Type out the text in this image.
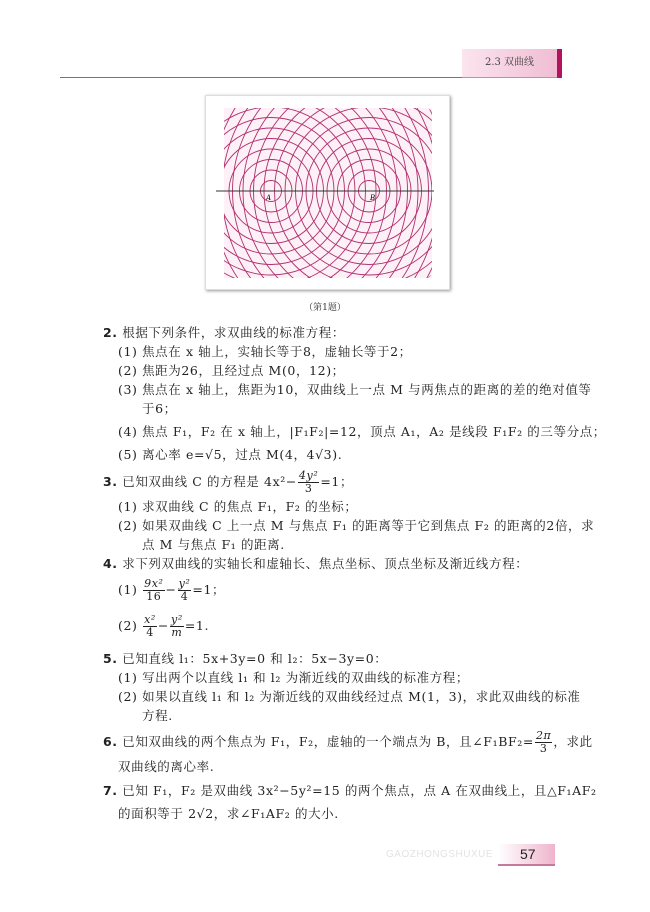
2.3 双曲线
A	B
（第1题）
2. 根据下列条件，求双曲线的标准方程：
(1) 焦点在 x 轴上，实轴长等于8，虚轴长等于2；
(2) 焦距为26，且经过点 M(0，12)；
(3) 焦点在 x 轴上，焦距为10，双曲线上一点 M 与两焦点的距离的差的绝对值等
于6；
(4) 焦点 F₁，F₂ 在 x 轴上，|F₁F₂|=12，顶点 A₁，A₂ 是线段 F₁F₂ 的三等分点；
(5) 离心率 e=√5，过点 M(4，4√3).
3. 已知双曲线 C 的方程是 $4x^2- \frac{\text{4y²}}{3} =1$；
(1) 求双曲线 C 的焦点 F₁，F₂ 的坐标；
(2) 如果双曲线 C 上一点 M 与焦点 F₁ 的距离等于它到焦点 F₂ 的距离的2倍，求
点 M 与焦点 F₁ 的距离.
4. 求下列双曲线的实轴长和虚轴长、焦点坐标、顶点坐标及渐近线方程：
$(1) \frac{\text{9x²}}{16} - \frac{\text{y²}}{4} =1$；
$(2) \frac{\text{x²}}{4} - \frac{\text{y²}}{m} =1$.
5. 已知直线 l₁：5x+3y=0 和 l₂：5x−3y=0：
(1) 写出两个以直线 l₁ 和 l₂ 为渐近线的双曲线的标准方程；
(2) 如果以直线 l₁ 和 l₂ 为渐近线的双曲线经过点 M(1，3)，求此双曲线的标准
方程.
6. 已知双曲线的两个焦点为 F₁，F₂，虚轴的一个端点为 B，且∠F₁BF₂= $\frac{2\pi}{3}$ ，求此
双曲线的离心率.
7. 已知 F₁，F₂ 是双曲线 3x²−5y²=15 的两个焦点，点 A 在双曲线上，且△F₁AF₂
的面积等于 2√2，求∠F₁AF₂ 的大小.
GAOZHONGSHUXUE 57
